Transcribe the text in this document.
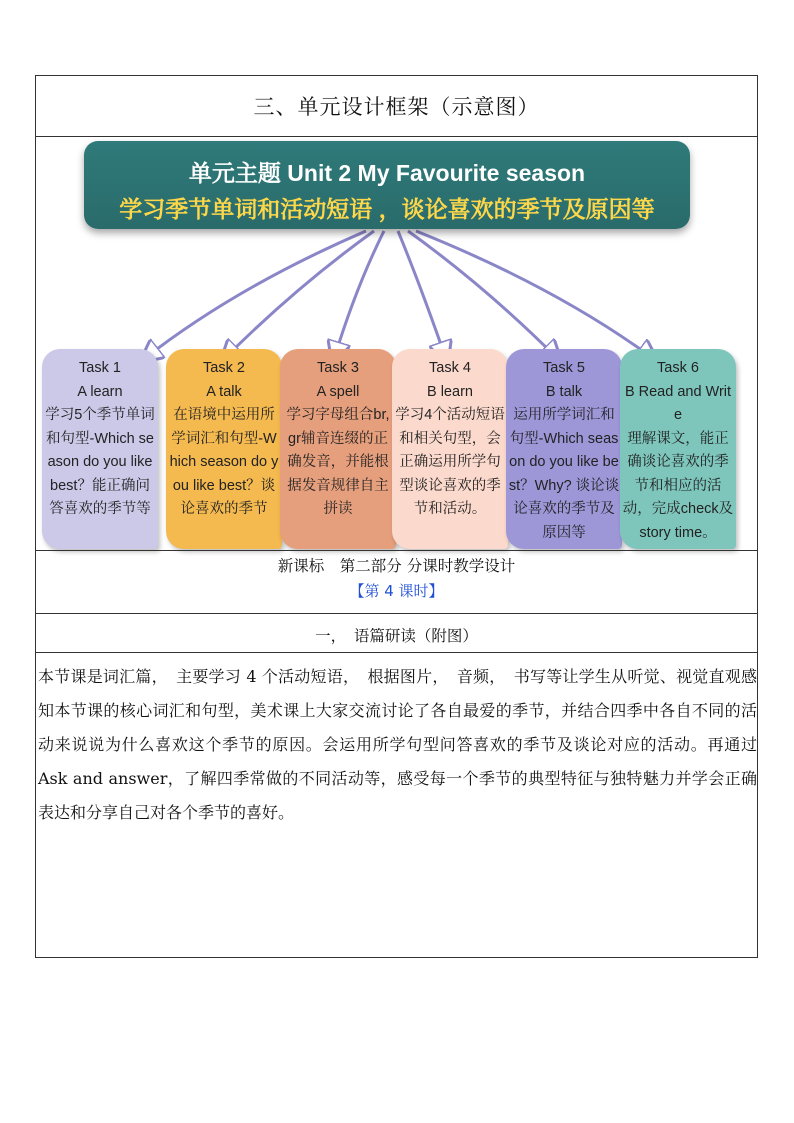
三、单元设计框架（示意图）
单元主题 Unit 2 My Favourite season
学习季节单词和活动短语 ，谈论喜欢的季节及原因等
Task 1
A learn
学习5个季节单词和句型-Which season do you like best？能正确问答喜欢的季节等
Task 2
A talk
在语境中运用所学词汇和句型-Which season do you like best？谈论喜欢的季节
Task 3
A spell
学习字母组合br, gr辅音连缀的正确发音，并能根据发音规律自主拼读
Task 4
B learn
学习4个活动短语和相关句型，会正确运用所学句型谈论喜欢的季节和活动。
Task 5
B talk
运用所学词汇和句型-Which season do you like best？Why? 谈论谈论喜欢的季节及原因等
Task 6
B Read and Write
理解课文，能正确谈论喜欢的季节和相应的活动，完成check及story time。
新课标　第二部分 分课时教学设计
【第 4 课时】
一，　语篇研读（附图）
本节课是词汇篇，　主要学习 4 个活动短语，　根据图片，　音频，　书写等让学生从听觉、视觉直观感知本节课的核心词汇和句型，美术课上大家交流讨论了各自最爱的季节，并结合四季中各自不同的活动来说说为什么喜欢这个季节的原因。会运用所学句型问答喜欢的季节及谈论对应的活动。再通过 Ask and answer，了解四季常做的不同活动等，感受每一个季节的典型特征与独特魅力并学会正确表达和分享自己对各个季节的喜好。
